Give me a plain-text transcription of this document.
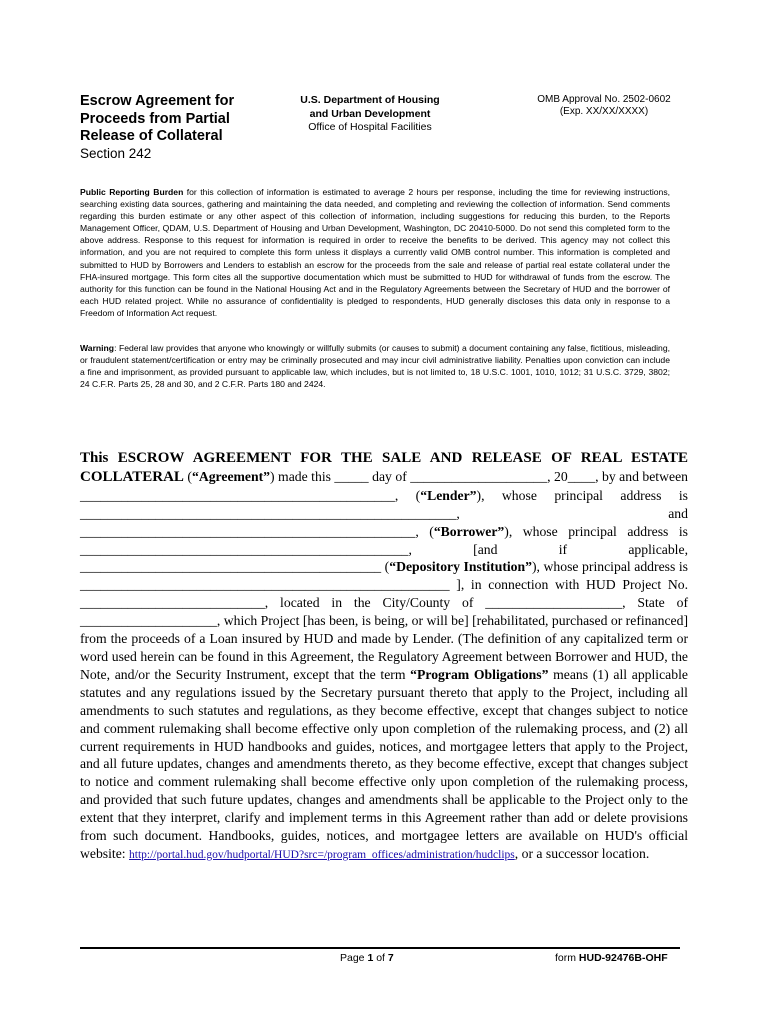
Escrow Agreement for
Proceeds from Partial
Release of Collateral
Section 242
U.S. Department of Housing
and Urban Development
Office of Hospital Facilities
OMB Approval No. 2502-0602
(Exp. XX/XX/XXXX)
Public Reporting Burden for this collection of information is estimated to average 2 hours per response, including the time for reviewing instructions, searching existing data sources, gathering and maintaining the data needed, and completing and reviewing the collection of information. Send comments regarding this burden estimate or any other aspect of this collection of information, including suggestions for reducing this burden, to the Reports Management Officer, QDAM, U.S. Department of Housing and Urban Development, Washington, DC 20410-5000. Do not send this completed form to the above address. Response to this request for information is required in order to receive the benefits to be derived. This agency may not collect this information, and you are not required to complete this form unless it displays a currently valid OMB control number. This information is completed and submitted to HUD by Borrowers and Lenders to establish an escrow for the proceeds from the sale and release of partial real estate collateral under the FHA-insured mortgage. This form cites all the supportive documentation which must be submitted to HUD for withdrawal of funds from the escrow. The authority for this function can be found in the National Housing Act and in the Regulatory Agreements between the Secretary of HUD and the borrower of each HUD related project. While no assurance of confidentiality is pledged to respondents, HUD generally discloses this data only in response to a Freedom of Information Act request.
Warning: Federal law provides that anyone who knowingly or willfully submits (or causes to submit) a document containing any false, fictitious, misleading, or fraudulent statement/certification or entry may be criminally prosecuted and may incur civil administrative liability. Penalties upon conviction can include a fine and imprisonment, as provided pursuant to applicable law, which includes, but is not limited to, 18 U.S.C. 1001, 1010, 1012; 31 U.S.C. 3729, 3802; 24 C.F.R. Parts 25, 28 and 30, and 2 C.F.R. Parts 180 and 2424.
This ESCROW AGREEMENT FOR THE SALE AND RELEASE OF REAL ESTATE COLLATERAL (“Agreement”) made this _____ day of ____________________, 20____, by and between ______________________________________________, (“Lender”), whose principal address is _______________________________________________________, and _________________________________________________, (“Borrower”), whose principal address is ________________________________________________, [and if applicable, ____________________________________________ (“Depository Institution”), whose principal address is ______________________________________________________ ], in connection with HUD Project No. ___________________________, located in the City/County of ____________________, State of ____________________, which Project [has been, is being, or will be] [rehabilitated, purchased or refinanced] from the proceeds of a Loan insured by HUD and made by Lender. (The definition of any capitalized term or word used herein can be found in this Agreement, the Regulatory Agreement between Borrower and HUD, the Note, and/or the Security Instrument, except that the term “Program Obligations” means (1) all applicable statutes and any regulations issued by the Secretary pursuant thereto that apply to the Project, including all amendments to such statutes and regulations, as they become effective, except that changes subject to notice and comment rulemaking shall become effective only upon completion of the rulemaking process, and (2) all current requirements in HUD handbooks and guides, notices, and mortgagee letters that apply to the Project, and all future updates, changes and amendments thereto, as they become effective, except that changes subject to notice and comment rulemaking shall become effective only upon completion of the rulemaking process, and provided that such future updates, changes and amendments shall be applicable to the Project only to the extent that they interpret, clarify and implement terms in this Agreement rather than add or delete provisions from such document. Handbooks, guides, notices, and mortgagee letters are available on HUD's official website: http://portal.hud.gov/hudportal/HUD?src=/program_offices/administration/hudclips, or a successor location.
Page 1 of 7	form HUD-92476B-OHF
